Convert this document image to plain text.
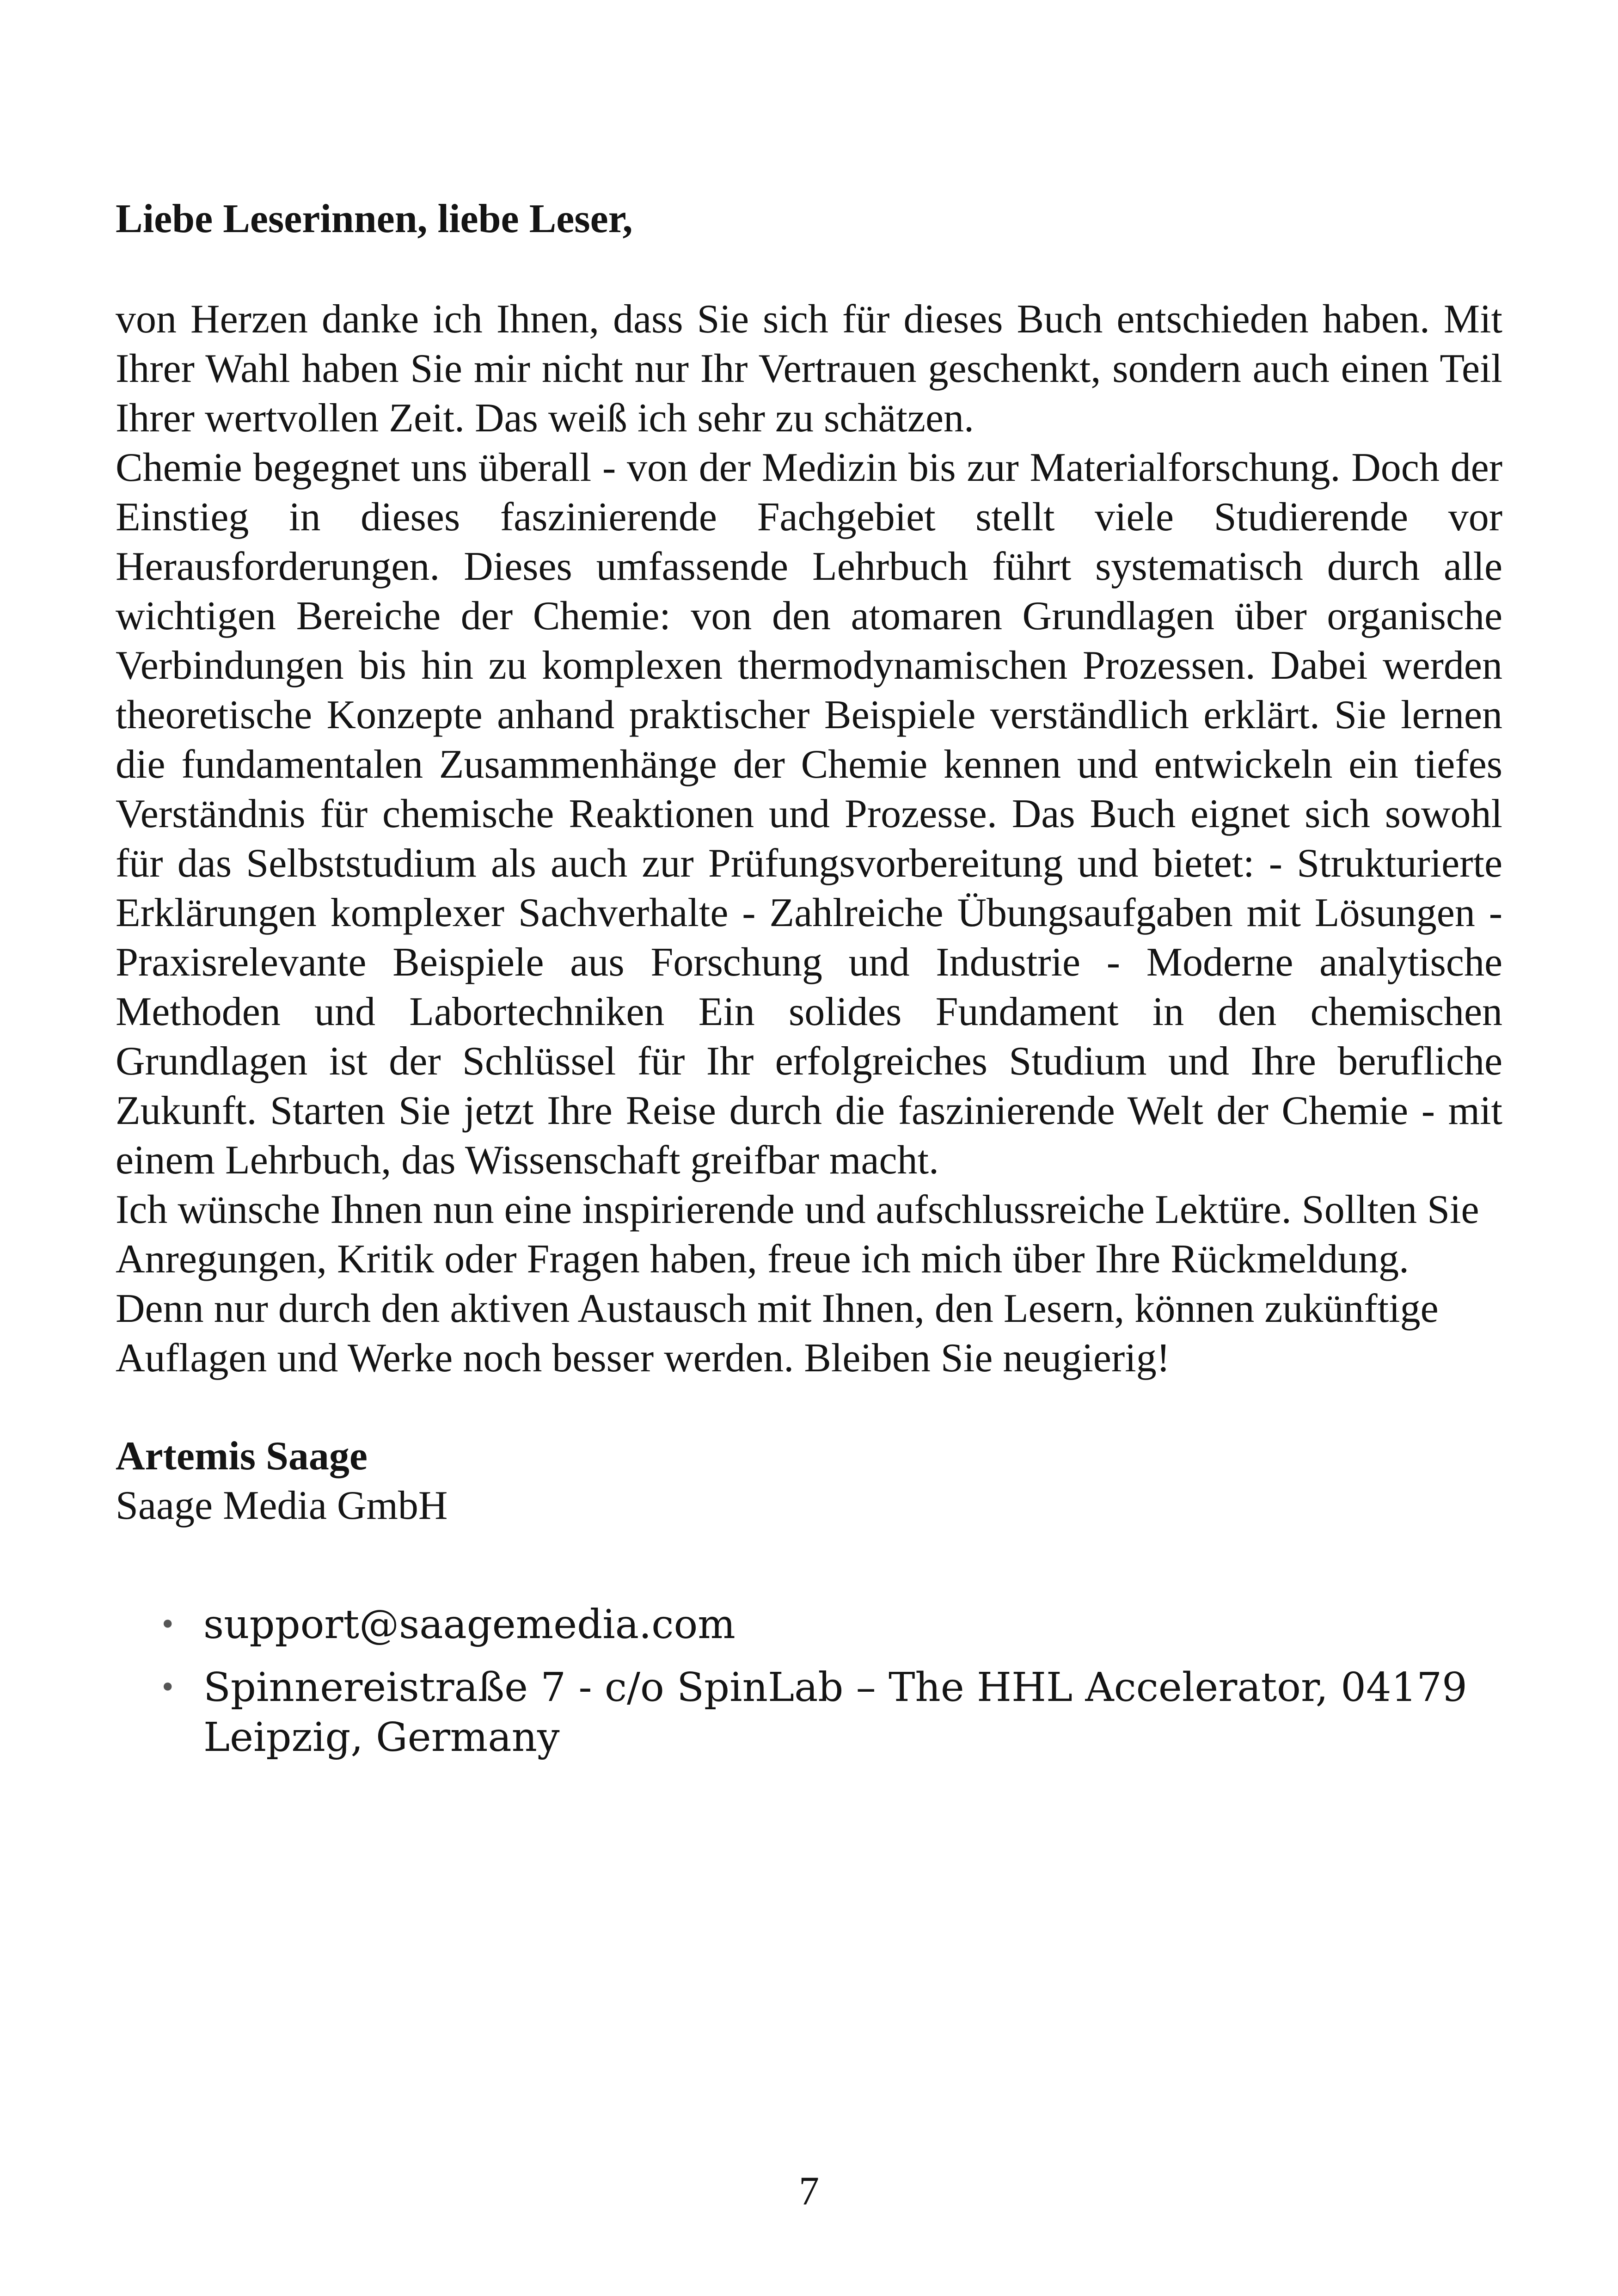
Liebe Leserinnen, liebe Leser,

von Herzen danke ich Ihnen, dass Sie sich für dieses Buch entschieden haben. Mit Ihrer Wahl haben Sie mir nicht nur Ihr Vertrauen geschenkt, sondern auch einen Teil Ihrer wertvollen Zeit. Das weiß ich sehr zu schätzen.

Chemie begegnet uns überall - von der Medizin bis zur Materialforschung. Doch der Einstieg in dieses faszinierende Fachgebiet stellt viele Studierende vor Herausforderungen. Dieses umfassende Lehrbuch führt systematisch durch alle wichtigen Bereiche der Chemie: von den atomaren Grundlagen über organische Verbindungen bis hin zu komplexen thermodynamischen Prozessen. Dabei werden theoretische Konzepte anhand praktischer Beispiele verständlich erklärt. Sie lernen die fundamentalen Zusammenhänge der Chemie kennen und entwickeln ein tiefes Verständnis für chemische Reaktionen und Prozesse. Das Buch eignet sich sowohl für das Selbststudium als auch zur Prüfungsvorbereitung und bietet: - Strukturierte Erklärungen komplexer Sachverhalte - Zahlreiche Übungsaufgaben mit Lösungen - Praxisrelevante Beispiele aus Forschung und Industrie - Moderne analytische Methoden und Labortechniken Ein solides Fundament in den chemischen Grundlagen ist der Schlüssel für Ihr erfolgreiches Studium und Ihre berufliche Zukunft. Starten Sie jetzt Ihre Reise durch die faszinierende Welt der Chemie - mit einem Lehrbuch, das Wissenschaft greifbar macht.

Ich wünsche Ihnen nun eine inspirierende und aufschlussreiche Lektüre. Sollten Sie Anregungen, Kritik oder Fragen haben, freue ich mich über Ihre Rückmeldung. Denn nur durch den aktiven Austausch mit Ihnen, den Lesern, können zukünftige Auflagen und Werke noch besser werden. Bleiben Sie neugierig!

Artemis Saage

Saage Media GmbH

• support@saagemedia.com
• Spinnereistraße 7 - c/o SpinLab – The HHL Accelerator, 04179 Leipzig, Germany
7
